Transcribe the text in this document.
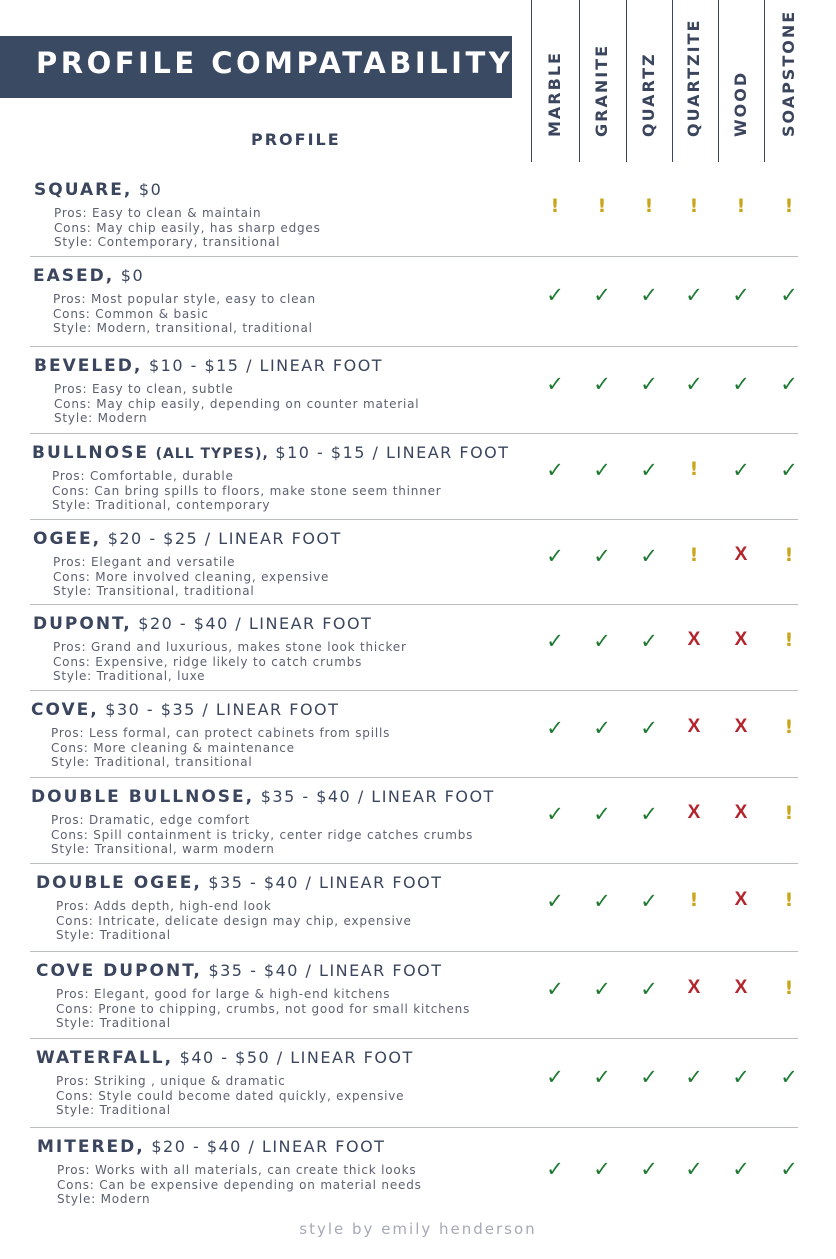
PROFILE COMPATABILITY
PROFILE
MARBLE GRANITE QUARTZ QUARTZITE WOOD SOAPSTONE
SQUARE, $0
Pros: Easy to clean & maintain
Cons: May chip easily, has sharp edges
Style: Contemporary, transitional
!	!	!	!	!	!
EASED, $0
Pros: Most popular style, easy to clean
Cons: Common & basic
Style: Modern, transitional, traditional
✓ ✓ ✓ ✓ ✓ ✓
BEVELED, $10 - $15 / LINEAR FOOT
Pros: Easy to clean, subtle
Cons: May chip easily, depending on counter material
Style: Modern
✓ ✓ ✓ ✓ ✓ ✓
BULLNOSE (ALL TYPES), $10 - $15 / LINEAR FOOT
Pros: Comfortable, durable
Cons: Can bring spills to floors, make stone seem thinner
Style: Traditional, contemporary
✓ ✓ ✓	!	✓ ✓
OGEE, $20 - $25 / LINEAR FOOT
Pros: Elegant and versatile
Cons: More involved cleaning, expensive
Style: Transitional, traditional
✓ ✓ ✓	!	X	!
DUPONT, $20 - $40 / LINEAR FOOT
Pros: Grand and luxurious, makes stone look thicker
Cons: Expensive, ridge likely to catch crumbs
Style: Traditional, luxe
✓ ✓ ✓	X	X	!
COVE, $30 - $35 / LINEAR FOOT
Pros: Less formal, can protect cabinets from spills
Cons: More cleaning & maintenance
Style: Traditional, transitional
✓ ✓ ✓	X	X	!
DOUBLE BULLNOSE, $35 - $40 / LINEAR FOOT
Pros: Dramatic, edge comfort
Cons: Spill containment is tricky, center ridge catches crumbs
Style: Transitional, warm modern
✓ ✓ ✓	X	X	!
DOUBLE OGEE, $35 - $40 / LINEAR FOOT
Pros: Adds depth, high-end look
Cons: Intricate, delicate design may chip, expensive
Style: Traditional
✓ ✓ ✓	!	X	!
COVE DUPONT, $35 - $40 / LINEAR FOOT
Pros: Elegant, good for large & high-end kitchens
Cons: Prone to chipping, crumbs, not good for small kitchens
Style: Traditional
✓ ✓ ✓	X	X	!
WATERFALL, $40 - $50 / LINEAR FOOT
Pros: Striking , unique & dramatic
Cons: Style could become dated quickly, expensive
Style: Traditional
✓ ✓ ✓ ✓ ✓ ✓
MITERED, $20 - $40 / LINEAR FOOT
Pros: Works with all materials, can create thick looks
Cons: Can be expensive depending on material needs
Style: Modern
✓ ✓ ✓ ✓ ✓ ✓
style by emily henderson
